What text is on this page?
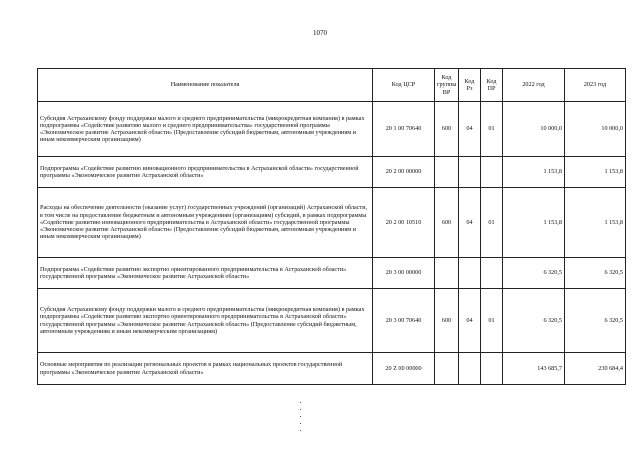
1070
Наименование показателя	Код ЦСР	Код группы ВР	Код Рз	Код ПР	2022 год	2023 год
Субсидия Астраханскому фонду поддержки малого и среднего предпринимательства (микрокредитная компания) в рамках подпрограммы «Содействие развитию малого и среднего предпринимательства» государственной программы «Экономическое развитие Астраханской области» (Предоставление субсидий бюджетным, автономным учреждениям и иным некоммерческим организациям)	20 1 00 70640	600	04	01	10 000,0	10 000,0
Подпрограмма «Содействие развитию инновационного предпринимательства в Астраханской области» государственной программы «Экономическое развитие Астраханской области»	20 2 00 00000				1 153,8	1 153,8
Расходы на обеспечение деятельности (оказание услуг) государственных учреждений (организаций) Астраханской области, в том числе на предоставление бюджетным и автономным учреждениям (организациям) субсидий, в рамках подпрограммы «Содействие развитию инновационного предпринимательства в Астраханской области» государственной программы «Экономическое развитие Астраханской области» (Предоставление субсидий бюджетным, автономным учреждениям и иным некоммерческим организациям)	20 2 00 10510	600	04	01	1 153,8	1 153,8
Подпрограмма «Содействие развитию экспортно ориентированного предпринимательства в Астраханской области» государственной программы «Экономическое развитие Астраханской области»	20 3 00 00000				6 320,5	6 320,5
Субсидия Астраханскому фонду поддержки малого и среднего предпринимательства (микрокредитная компания) в рамках подпрограммы «Содействие развитию экспортно ориентированного предпринимательства в Астраханской области» государственной программы «Экономическое развитие Астраханской области» (Предоставление субсидий бюджетным, автономным учреждениям и иным некоммерческим организациям)	20 3 00 70640	600	04	01	6 320,5	6 320,5
Основные мероприятия по реализации региональных проектов в рамках национальных проектов государственной программы «Экономическое развитие Астраханской области»	20 Z 00 00000				143 685,7	230 684,4
